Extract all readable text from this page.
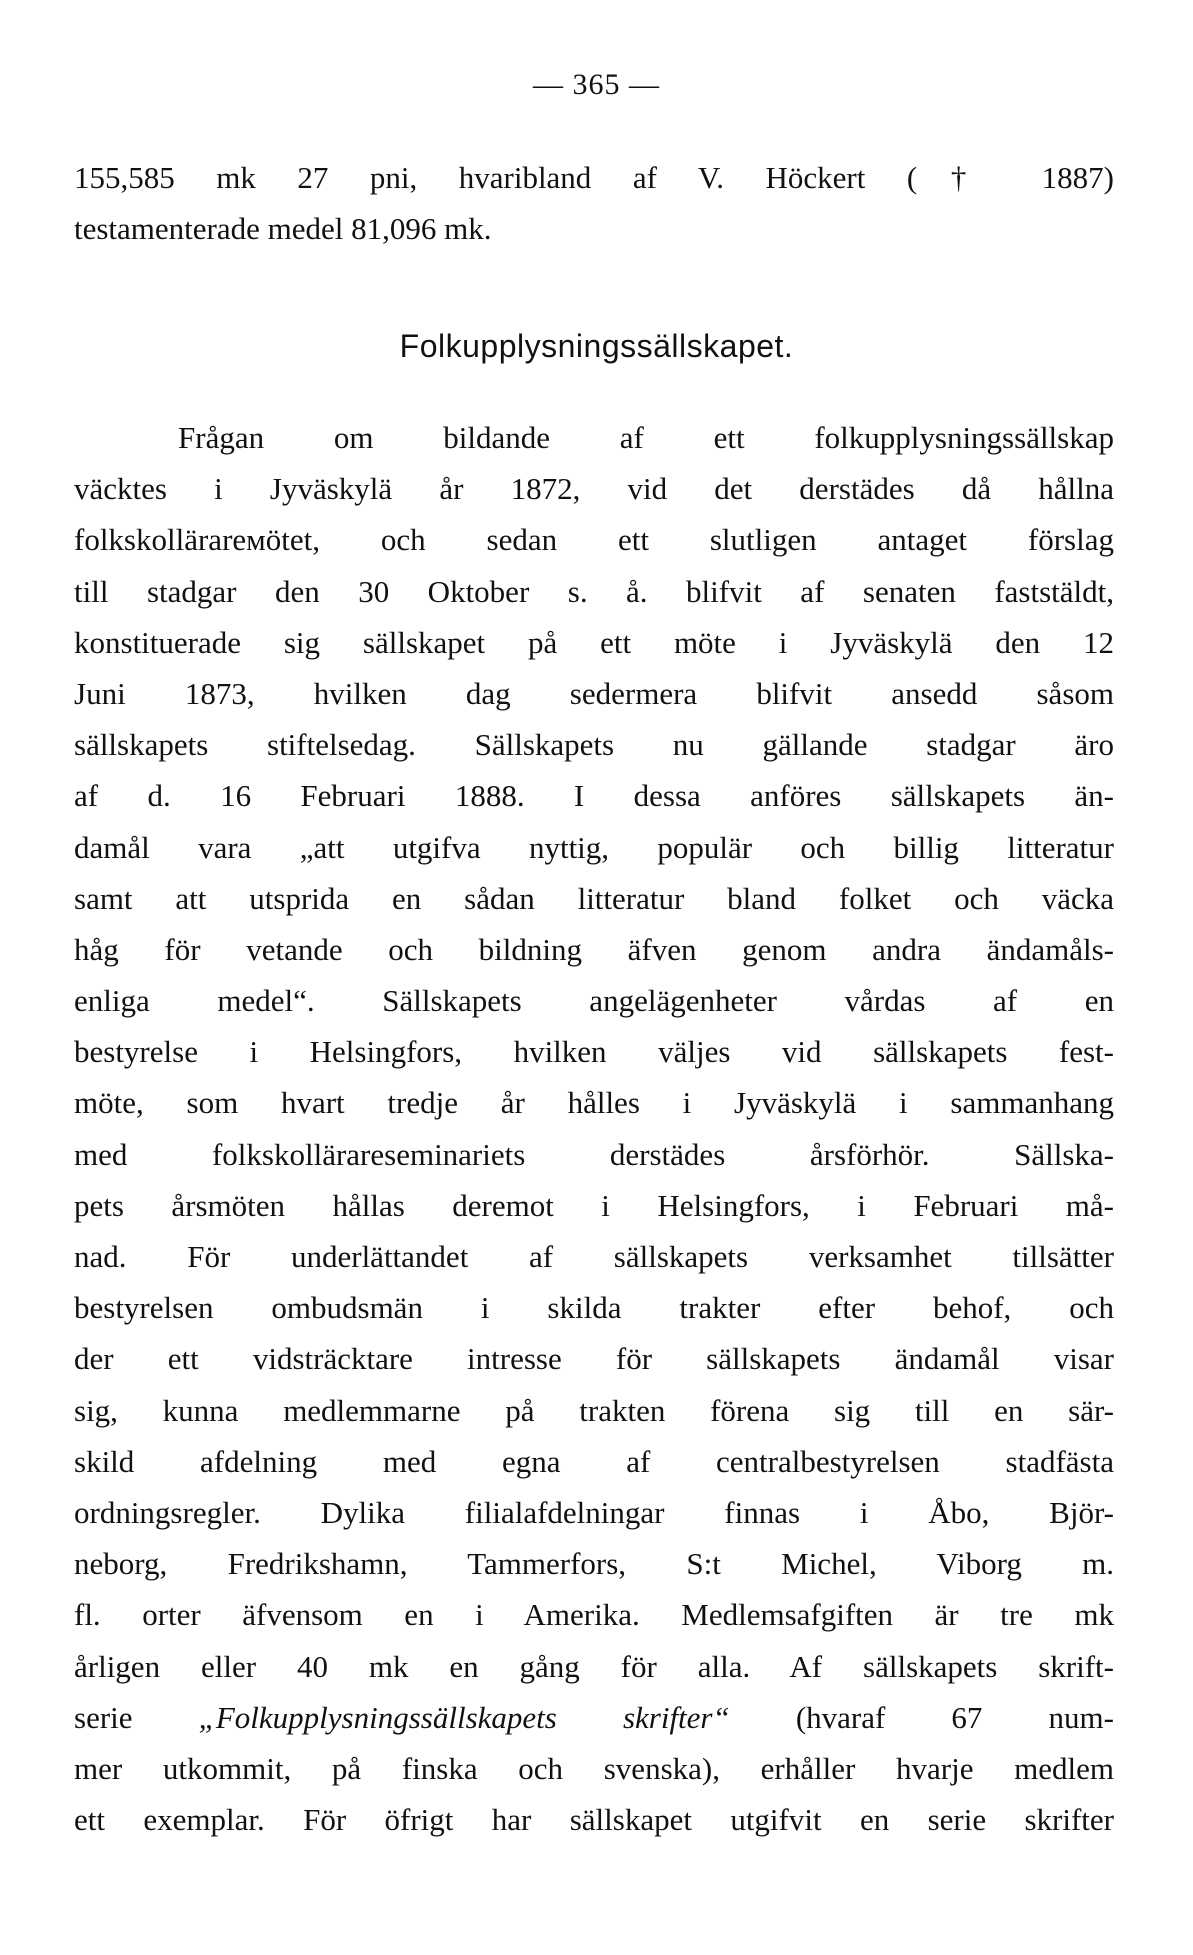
— 365 —
155,585 mk 27 pni, hvaribland af V. Höckert († 1887)
testamenterade medel 81,096 mk.
Folkupplysningssällskapet.
Frågan om bildande af ett folkupplysningssällskap
väcktes i Jyväskylä år 1872, vid det derstädes då hållna
folkskollärarемötet, och sedan ett slutligen antaget förslag
till stadgar den 30 Oktober s. å. blifvit af senaten faststäldt,
konstituerade sig sällskapet på ett möte i Jyväskylä den 12
Juni 1873, hvilken dag sedermera blifvit ansedd såsom
sällskapets stiftelsedag. Sällskapets nu gällande stadgar äro
af d. 16 Februari 1888. I dessa anföres sällskapets än-
damål vara „att utgifva nyttig, populär och billig litteratur
samt att utsprida en sådan litteratur bland folket och väcka
håg för vetande och bildning äfven genom andra ändamåls-
enliga medel“. Sällskapets angelägenheter vårdas af en
bestyrelse i Helsingfors, hvilken väljes vid sällskapets fest-
möte, som hvart tredje år hålles i Jyväskylä i sammanhang
med folkskollärareseminariets derstädes årsförhör. Sällska-
pets årsmöten hållas deremot i Helsingfors, i Februari må-
nad. För underlättandet af sällskapets verksamhet tillsätter
bestyrelsen ombudsmän i skilda trakter efter behof, och
der ett vidsträcktare intresse för sällskapets ändamål visar
sig, kunna medlemmarne på trakten förena sig till en sär-
skild afdelning med egna af centralbestyrelsen stadfästa
ordningsregler. Dylika filialafdelningar finnas i Åbo, Björ-
neborg, Fredrikshamn, Tammerfors, S:t Michel, Viborg m.
fl. orter äfvensom en i Amerika. Medlemsafgiften är tre mk
årligen eller 40 mk en gång för alla. Af sällskapets skrift-
serie „Folkupplysningssällskapets skrifter“ (hvaraf 67 num-
mer utkommit, på finska och svenska), erhåller hvarje medlem
ett exemplar. För öfrigt har sällskapet utgifvit en serie skrifter
